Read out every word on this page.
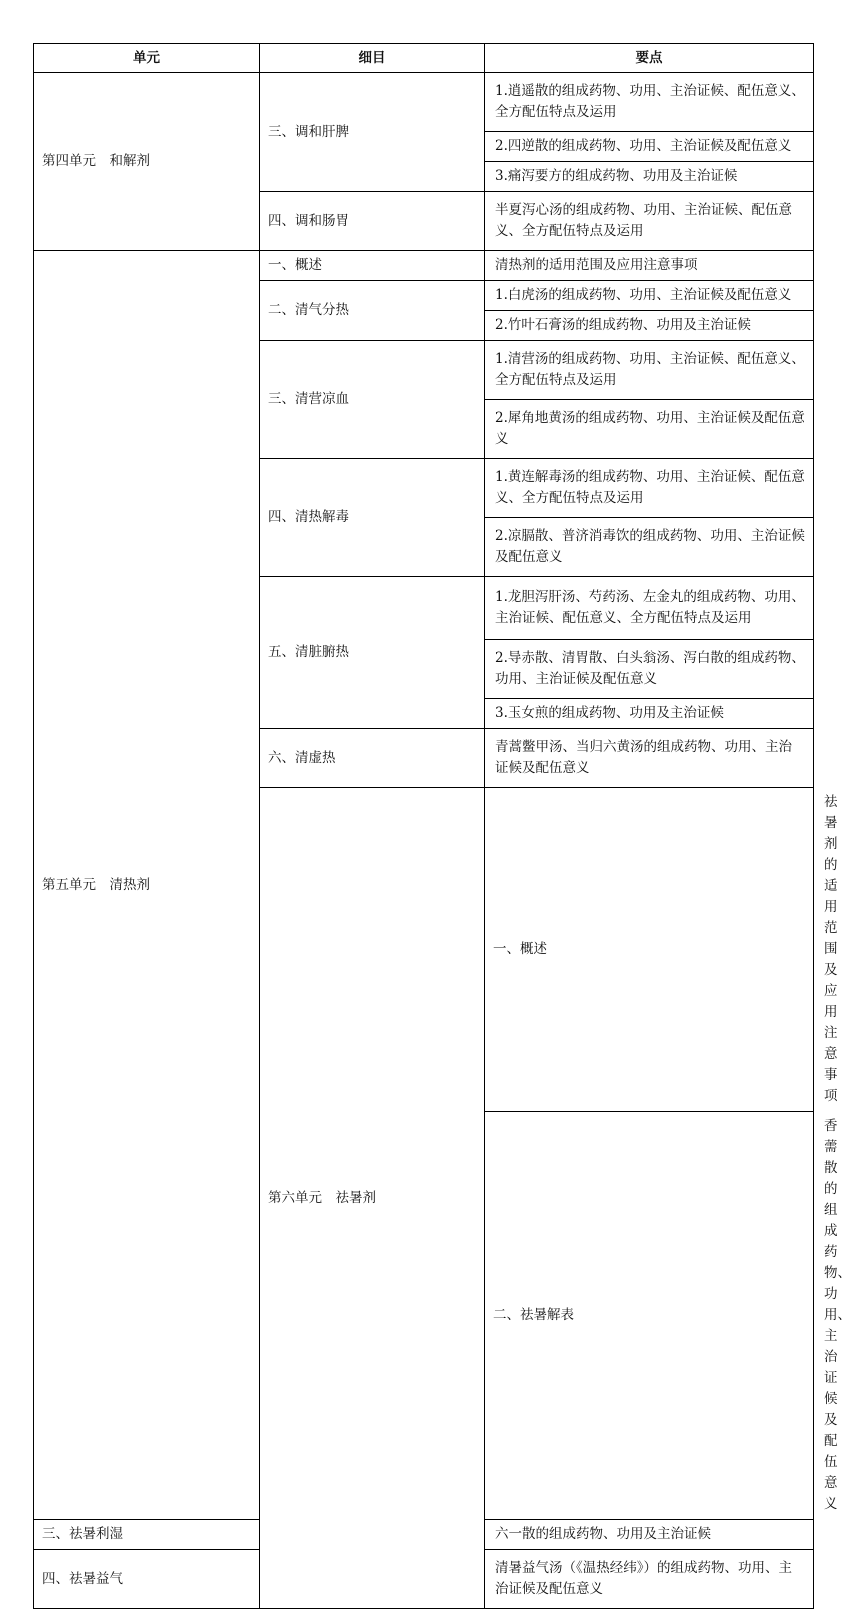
单元	细目	要点	
第四单元　和解剂	三、调和肝脾	1.逍遥散的组成药物、功用、主治证候、配伍意义、全方配伍特点及运用	
		2.四逆散的组成药物、功用、主治证候及配伍意义	
		3.痛泻要方的组成药物、功用及主治证候	
	四、调和肠胃	半夏泻心汤的组成药物、功用、主治证候、配伍意义、全方配伍特点及运用	
第五单元　清热剂	一、概述	清热剂的适用范围及应用注意事项	
	二、清气分热	1.白虎汤的组成药物、功用、主治证候及配伍意义	
		2.竹叶石膏汤的组成药物、功用及主治证候	
	三、清营凉血	1.清营汤的组成药物、功用、主治证候、配伍意义、全方配伍特点及运用	
		2.犀角地黄汤的组成药物、功用、主治证候及配伍意义	
	四、清热解毒	1.黄连解毒汤的组成药物、功用、主治证候、配伍意义、全方配伍特点及运用	
		2.凉膈散、普济消毒饮的组成药物、功用、主治证候及配伍意义	
	五、清脏腑热	1.龙胆泻肝汤、芍药汤、左金丸的组成药物、功用、主治证候、配伍意义、全方配伍特点及运用	
		2.导赤散、清胃散、白头翁汤、泻白散的组成药物、功用、主治证候及配伍意义	
		3.玉女煎的组成药物、功用及主治证候	
	六、清虚热	青蒿鳖甲汤、当归六黄汤的组成药物、功用、主治证候及配伍意义	
	第六单元　祛暑剂	一、概述	祛暑剂的适用范围及应用注意事项
		二、祛暑解表	香薷散的组成药物、功用、主治证候及配伍意义
三、祛暑利湿		六一散的组成药物、功用及主治证候	
四、祛暑益气		清暑益气汤（《温热经纬》）的组成药物、功用、主治证候及配伍意义	
